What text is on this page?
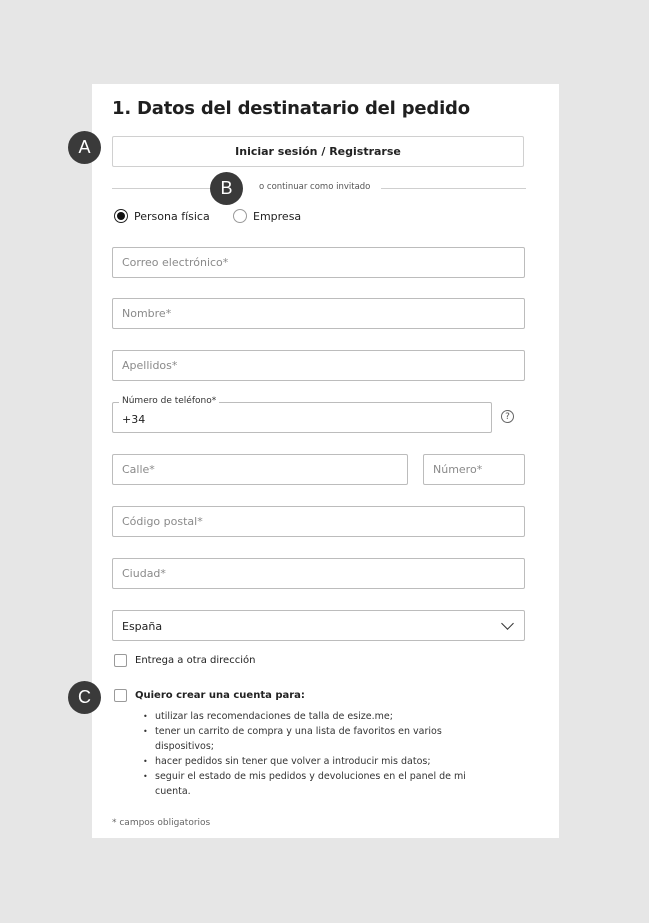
1. Datos del destinatario del pedido
Iniciar sesión / Registrarse
A
o continuar como invitado
B
Persona física	Empresa
Correo electrónico*
Nombre*
Apellidos*
Número de teléfono*
+34	?
Calle*	Número*
Código postal*
Ciudad*
España
Entrega a otra dirección
C	Quiero crear una cuenta para:
• utilizar las recomendaciones de talla de esize.me;
• tener un carrito de compra y una lista de favoritos en varios dispositivos;
• hacer pedidos sin tener que volver a introducir mis datos;
• seguir el estado de mis pedidos y devoluciones en el panel de mi cuenta.
* campos obligatorios
